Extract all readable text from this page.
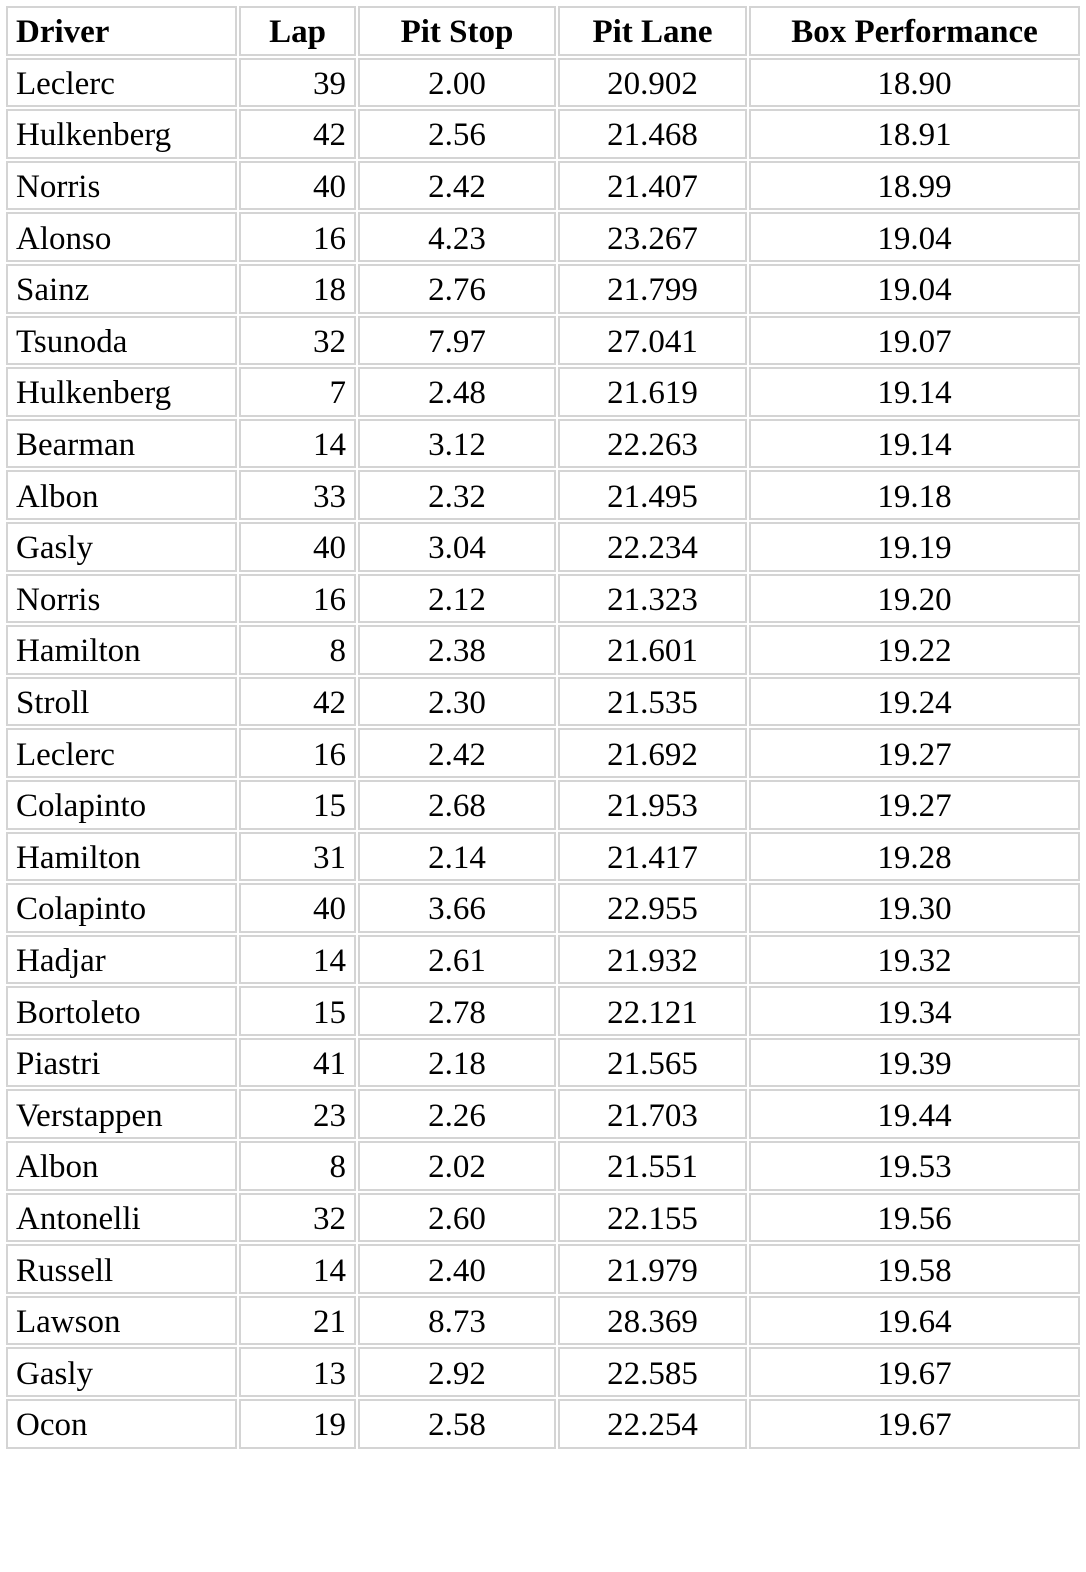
Driver	Lap	Pit Stop	Pit Lane	Box Performance
Leclerc	39	2.00	20.902	18.90
Hulkenberg	42	2.56	21.468	18.91
Norris	40	2.42	21.407	18.99
Alonso	16	4.23	23.267	19.04
Sainz	18	2.76	21.799	19.04
Tsunoda	32	7.97	27.041	19.07
Hulkenberg	7	2.48	21.619	19.14
Bearman	14	3.12	22.263	19.14
Albon	33	2.32	21.495	19.18
Gasly	40	3.04	22.234	19.19
Norris	16	2.12	21.323	19.20
Hamilton	8	2.38	21.601	19.22
Stroll	42	2.30	21.535	19.24
Leclerc	16	2.42	21.692	19.27
Colapinto	15	2.68	21.953	19.27
Hamilton	31	2.14	21.417	19.28
Colapinto	40	3.66	22.955	19.30
Hadjar	14	2.61	21.932	19.32
Bortoleto	15	2.78	22.121	19.34
Piastri	41	2.18	21.565	19.39
Verstappen	23	2.26	21.703	19.44
Albon	8	2.02	21.551	19.53
Antonelli	32	2.60	22.155	19.56
Russell	14	2.40	21.979	19.58
Lawson	21	8.73	28.369	19.64
Gasly	13	2.92	22.585	19.67
Ocon	19	2.58	22.254	19.67
